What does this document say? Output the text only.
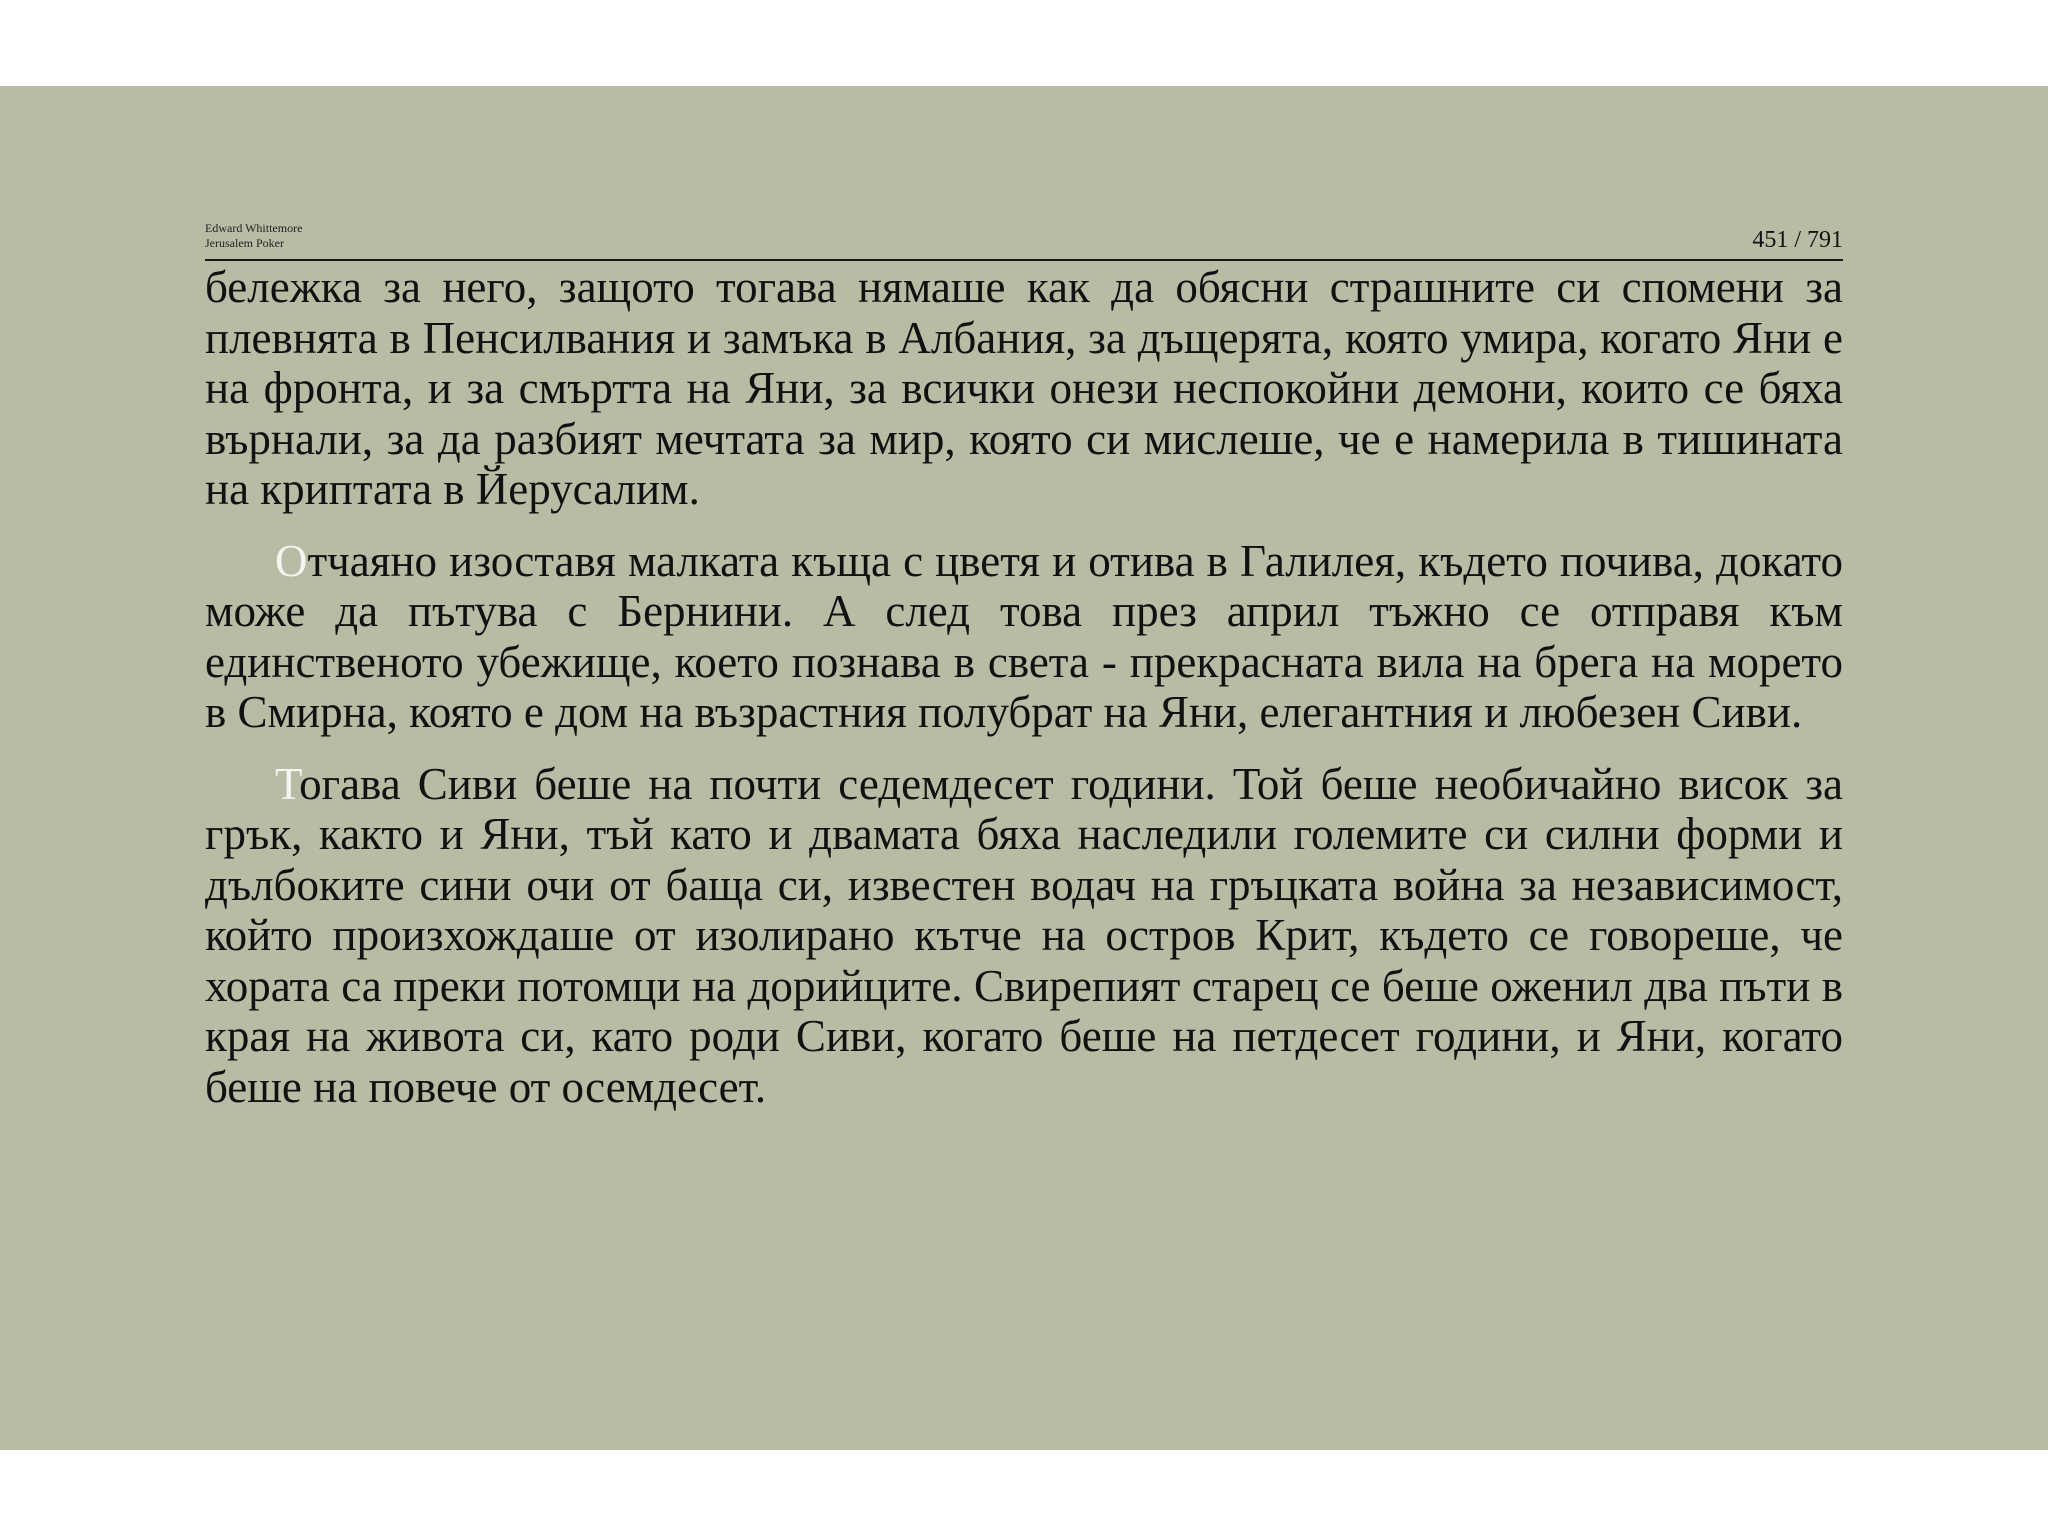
Edward Whittemore
Jerusalem Poker	451 / 791

бележка за него, защото тогава нямаше как да обясни страшните си спомени за плевнята в Пенсилвания и замъка в Албания, за дъщерята, която умира, когато Яни е на фронта, и за смъртта на Яни, за всички онези неспокойни демони, които се бяха върнали, за да разбият мечтата за мир, която си мислеше, че е намерила в тишината на криптата в Йерусалим.

Отчаяно изоставя малката къща с цветя и отива в Галилея, където почива, докато може да пътува с Бернини. А след това през април тъжно се отправя към единственото убежище, което познава в света - прекрасната вила на брега на морето в Смирна, която е дом на възрастния полубрат на Яни, елегантния и любезен Сиви.

Тогава Сиви беше на почти седемдесет години. Той беше необичайно висок за грък, както и Яни, тъй като и двамата бяха наследили големите си силни форми и дълбоките сини очи от баща си, известен водач на гръцката война за независимост, който произхождаше от изолирано кътче на остров Крит, където се говореше, че хората са преки потомци на дорийците. Свирепият старец се беше оженил два пъти в края на живота си, като роди Сиви, когато беше на петдесет години, и Яни, когато беше на повече от осемдесет.
